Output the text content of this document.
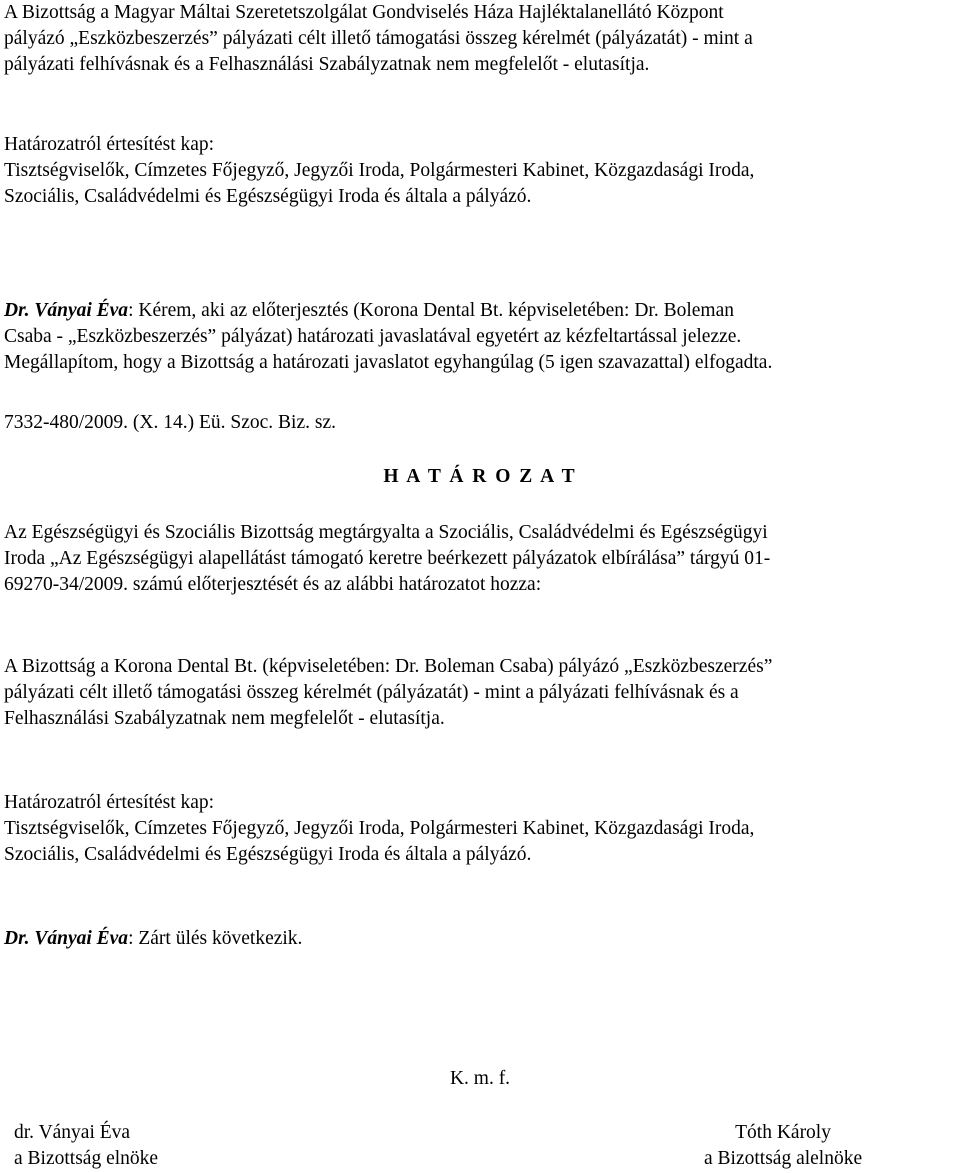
A Bizottság a Magyar Máltai Szeretetszolgálat Gondviselés Háza Hajléktalanellátó Központ

pályázó „Eszközbeszerzés” pályázati célt illető támogatási összeg kérelmét (pályázatát) - mint a

pályázati felhívásnak és a Felhasználási Szabályzatnak nem megfelelőt - elutasítja.

Határozatról értesítést kap:

Tisztségviselők, Címzetes Főjegyző, Jegyzői Iroda, Polgármesteri Kabinet, Közgazdasági Iroda,

Szociális, Családvédelmi és Egészségügyi Iroda és általa a pályázó.

Dr. Ványai Éva: Kérem, aki az előterjesztés (Korona Dental Bt. képviseletében: Dr. Boleman

Csaba - „Eszközbeszerzés” pályázat) határozati javaslatával egyetért az kézfeltartással jelezze.

Megállapítom, hogy a Bizottság a határozati javaslatot egyhangúlag (5 igen szavazattal) elfogadta.

7332-480/2009. (X. 14.) Eü. Szoc. Biz. sz.

H A T Á R O Z A T

Az Egészségügyi és Szociális Bizottság megtárgyalta a Szociális, Családvédelmi és Egészségügyi

Iroda „Az Egészségügyi alapellátást támogató keretre beérkezett pályázatok elbírálása” tárgyú 01-

69270-34/2009. számú előterjesztését és az alábbi határozatot hozza:

A Bizottság a Korona Dental Bt. (képviseletében: Dr. Boleman Csaba) pályázó „Eszközbeszerzés”

pályázati célt illető támogatási összeg kérelmét (pályázatát) - mint a pályázati felhívásnak és a

Felhasználási Szabályzatnak nem megfelelőt - elutasítja.

Határozatról értesítést kap:

Tisztségviselők, Címzetes Főjegyző, Jegyzői Iroda, Polgármesteri Kabinet, Közgazdasági Iroda,

Szociális, Családvédelmi és Egészségügyi Iroda és általa a pályázó.

Dr. Ványai Éva: Zárt ülés következik.

K. m. f.

dr. Ványai Éva

a Bizottság elnöke

Tóth Károly

a Bizottság alelnöke
